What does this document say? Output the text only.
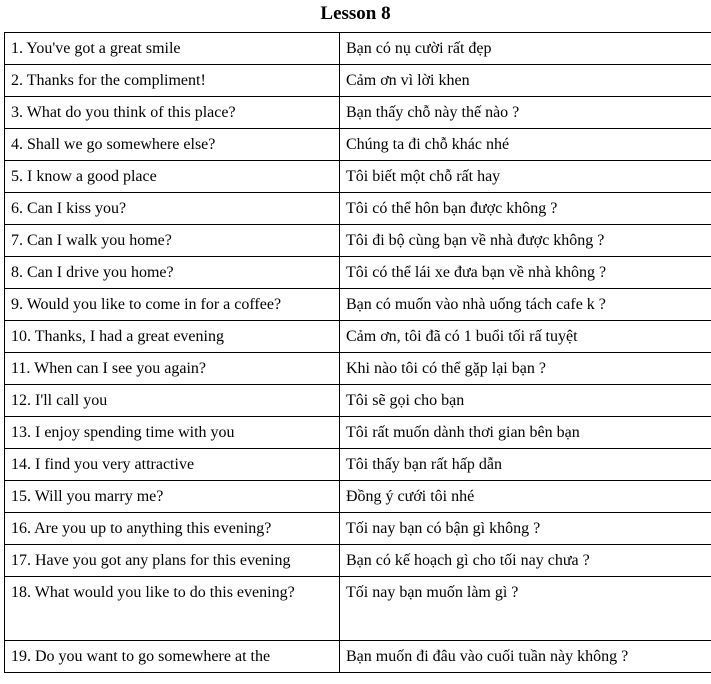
Lesson 8
1. You've got a great smile	Bạn có nụ cười rất đẹp
2. Thanks for the compliment!	Cảm ơn vì lời khen
3. What do you think of this place?	Bạn thấy chỗ này thế nào ?
4. Shall we go somewhere else?	Chúng ta đi chỗ khác nhé
5. I know a good place	Tôi biết một chỗ rất hay
6. Can I kiss you?	Tôi có thể hôn bạn được không ?
7. Can I walk you home?	Tôi đi bộ cùng bạn về nhà được không ?
8. Can I drive you home?	Tôi có thể lái xe đưa bạn về nhà không ?
9. Would you like to come in for a coffee?	Bạn có muốn vào nhà uống tách cafe k ?
10. Thanks, I had a great evening	Cảm ơn, tôi đã có 1 buổi tối rấ tuyệt
11. When can I see you again?	Khi nào tôi có thể gặp lại bạn ?
12. I'll call you	Tôi sẽ gọi cho bạn
13. I enjoy spending time with you	Tôi rất muốn dành thơi gian bên bạn
14. I find you very attractive	Tôi thấy bạn rất hấp dẫn
15. Will you marry me?	Đồng ý cưới tôi nhé
16. Are you up to anything this evening?	Tối nay bạn có bận gì không ?
17. Have you got any plans for this evening	Bạn có kế hoạch gì cho tối nay chưa ?
18. What would you like to do this evening?	Tối nay bạn muốn làm gì ?
19. Do you want to go somewhere at the	Bạn muốn đi đâu vào cuối tuần này không ?
